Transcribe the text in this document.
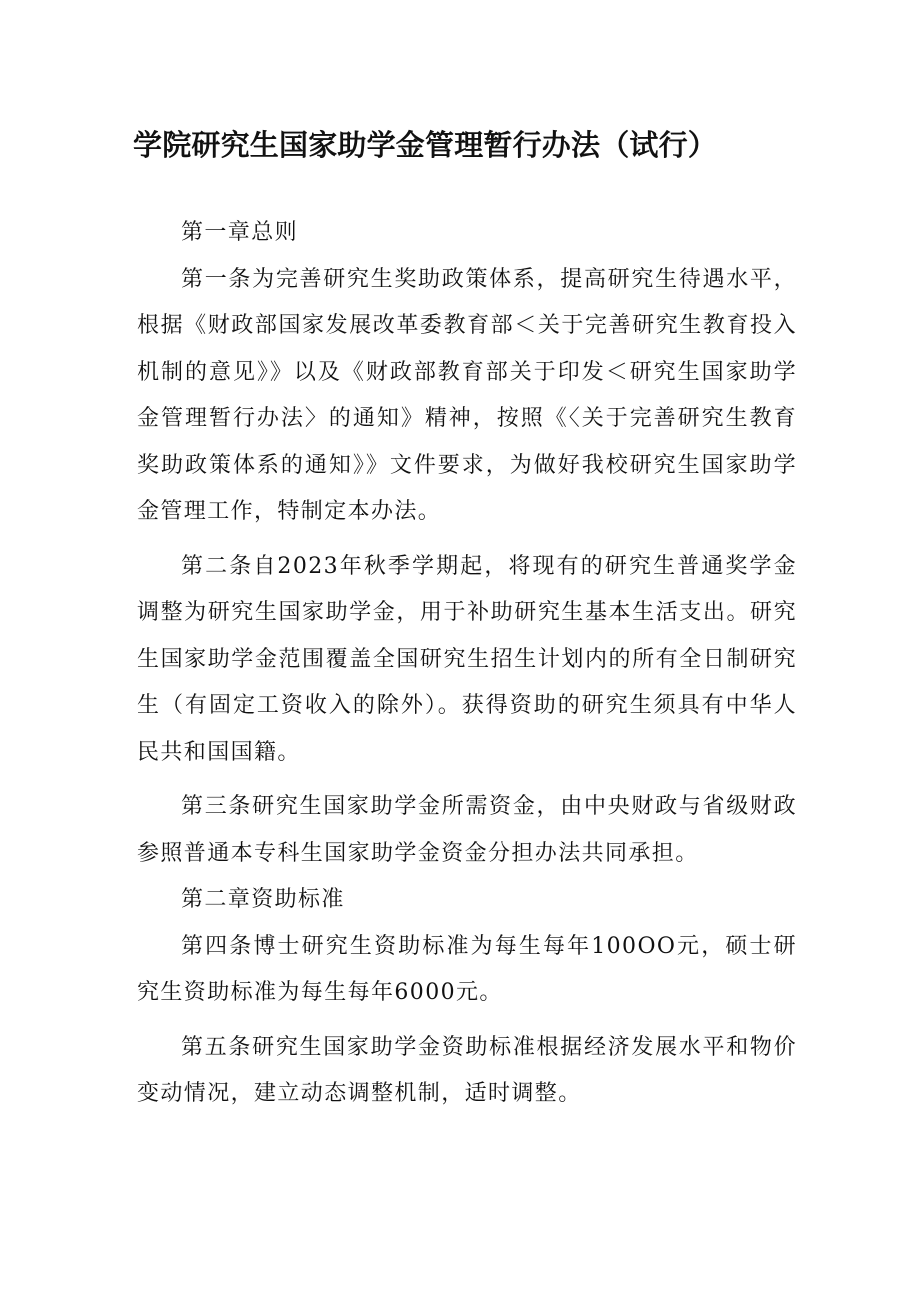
学院研究生国家助学金管理暂行办法（试行）

第一章总则

第一条为完善研究生奖助政策体系，提高研究生待遇水平，根据《财政部国家发展改革委教育部＜关于完善研究生教育投入机制的意见》》以及《财政部教育部关于印发＜研究生国家助学金管理暂行办法〉的通知》精神，按照《〈关于完善研究生教育奖助政策体系的通知》》文件要求，为做好我校研究生国家助学金管理工作，特制定本办法。

第二条自2023年秋季学期起，将现有的研究生普通奖学金调整为研究生国家助学金，用于补助研究生基本生活支出。研究生国家助学金范围覆盖全国研究生招生计划内的所有全日制研究生（有固定工资收入的除外）。获得资助的研究生须具有中华人民共和国国籍。

第三条研究生国家助学金所需资金，由中央财政与省级财政参照普通本专科生国家助学金资金分担办法共同承担。

第二章资助标准

第四条博士研究生资助标准为每生每年100OO元，硕士研究生资助标准为每生每年6000元。

第五条研究生国家助学金资助标准根据经济发展水平和物价变动情况，建立动态调整机制，适时调整。
